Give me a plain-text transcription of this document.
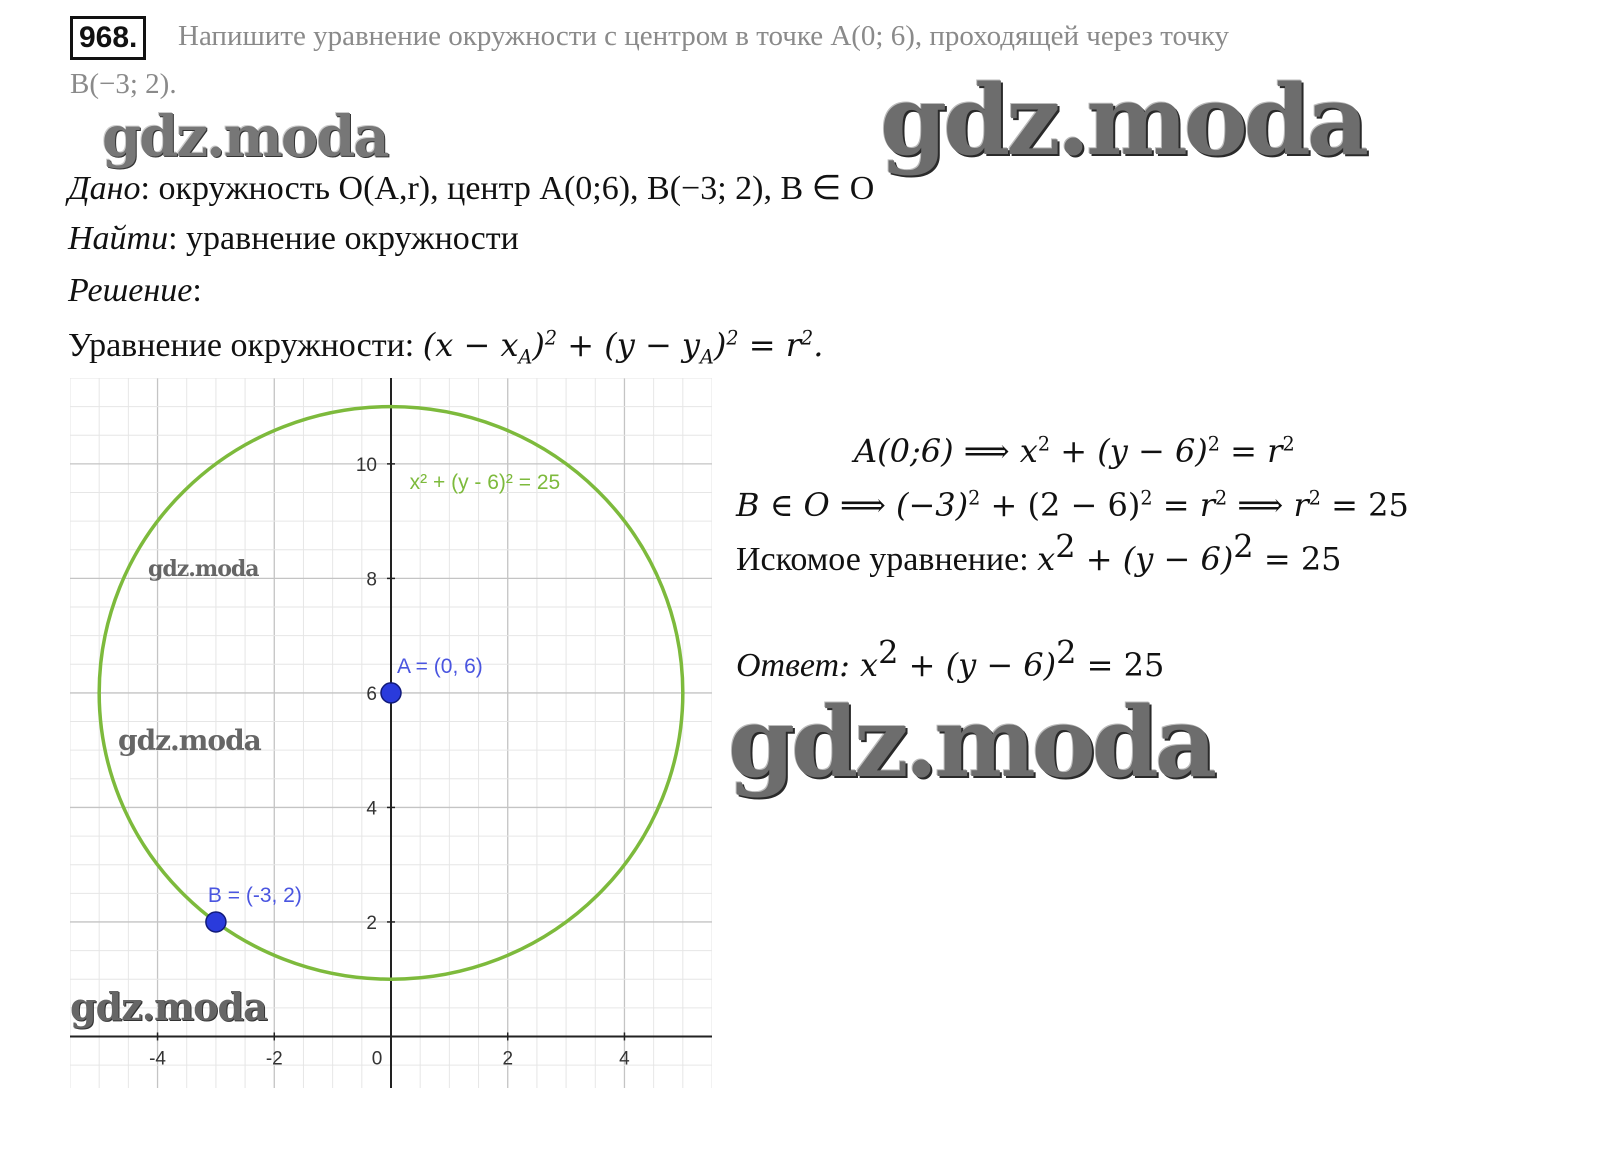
968.	Напишите уравнение окружности с центром в точке A(0; 6), проходящей через точку
B(−3; 2).
gdz.moda	gdz.moda
gdz.moda
Дано: окружность O(A,r), центр A(0;6), B(−3; 2), B ∈ O
Найти: уравнение окружности
Решение:
Уравнение окружности: $(x - x_A)^2 + (y - y_A)^2 = r^2$.
A(0;6) ⟹ $x^2 + (y - 6)^2 = r^2$
B ∈ O ⟹ $(-3)^2 + (2 - 6)^2 = r^2$ ⟹ $r^2 = 25$
Искомое уравнение: $x^2 + (y - 6)^2 = 25$
Ответ: $x^2 + (y - 6)^2 = 25$
-4	-2	0	2	4
2
4
6
8
10
x² + (y - 6)² = 25
A = (0, 6)
B = (-3, 2)
gdz.moda
gdz.moda
gdz.moda
